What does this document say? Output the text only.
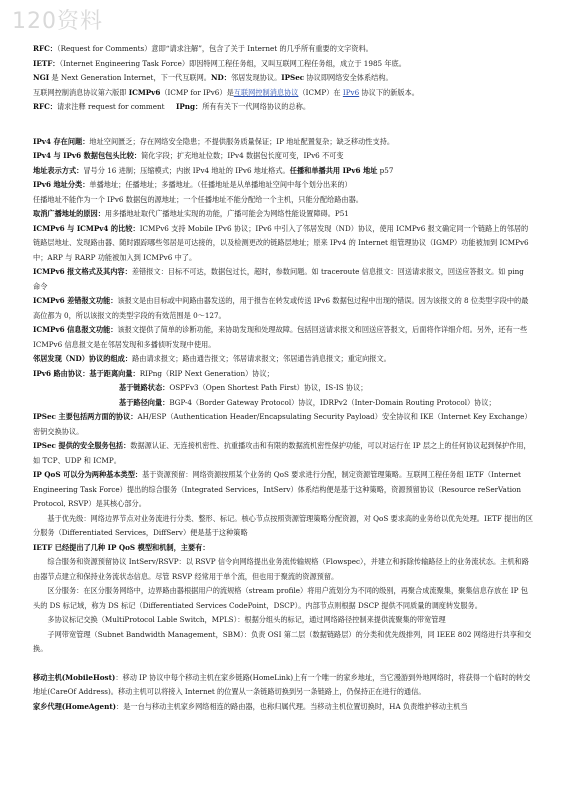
120资料

RFC：（Request for Comments）意即“请求注解”，包含了关于 Internet 的几乎所有重要的文字资料。

IETF：（Internet Engineering Task Force）即因特网工程任务组，又叫互联网工程任务组，成立于 1985 年底。

NGI 是 Next Generation Internet，下一代互联网。ND：邻居发现协议。IPSec 协议即网络安全体系结构。

互联网控制消息协议第六版即 ICMPv6（ICMP for IPv6）是互联网控制消息协议（ICMP）在 IPv6 协议下的新版本。

RFC：请求注释 request for comment IPng：所有有关下一代网络协议的总称。

IPv4 存在问题：地址空间匮乏；存在网络安全隐患；不提供服务质量保证；IP 地址配置复杂；缺乏移动性支持。

IPv4 与 IPv6 数据包包头比较：简化字段；扩充地址位数；IPv4 数据包长度可变，IPv6 不可变

地址表示方式：冒号分 16 进制；压缩模式；内嵌 IPv4 地址的 IPv6 地址格式。任播和单播共用 IPv6 地址 p57

IPv6 地址分类：单播地址；任播地址；多播地址。（任播地址是从单播地址空间中每个划分出来的）

任播地址不能作为一个 IPv6 数据包的源地址；一个任播地址不能分配给一个主机，只能分配给路由器。

取消广播地址的原因：用多播地址取代广播地址实现的功能，广播可能会为网络性能设置障碍。P51

ICMPv6 与 ICMPv4 的比较：ICMPv6 支持 Mobile IPv6 协议；IPv6 中引入了邻居发现（ND）协议，使用 ICMPv6 报文确定同一个链路上的邻居的链路层地址、发现路由器、随时跟踪哪些邻居是可达接的，以及检测更改的链路层地址；原来 IPv4 的 Internet 组管理协议（IGMP）功能被加到 ICMPv6 中；ARP 与 RARP 功能被加入到 ICMPv6 中了。

ICMPv6 报文格式及其内容：差错报文：目标不可达，数据包过长，超时，参数问题。如 traceroute 信息报文：回送请求报文，回送应答报文。如 ping 命令

ICMPv6 差错报文功能：该报文是由目标或中间路由器发送的，用于报告在转发或传送 IPv6 数据包过程中出现的错误。因为该报文的 8 位类型字段中的最高位都为 0，所以该报文的类型字段的有效范围是 0～127。

ICMPv6 信息报文功能：该报文提供了简单的诊断功能，来协助发现和处理故障。包括回送请求报文和回送应答报文，后面将作详细介绍。另外，还有一些 ICMPv6 信息报文是在邻居发现和多播侦听发现中使用。

邻居发现（ND）协议的组成：路由请求报文；路由通告报文；邻居请求报文；邻居通告消息报文；重定向报文。

IPv6 路由协议：基于距离向量：RIPng（RIP Next Generation）协议；

基于链路状态：OSPFv3（Open Shortest Path First）协议，IS-IS 协议；

基于路径向量：BGP-4（Border Gateway Protocol）协议，IDRPv2（Inter-Domain Routing Protocol）协议；

IPSec 主要包括两方面的协议：AH/ESP（Authentication Header/Encapsulating Security Payload）安全协议和 IKE（Internet Key Exchange）密钥交换协议。

IPSec 提供的安全服务包括：数据源认证、无连接机密性、抗重播攻击和有限的数据流机密性保护功能，可以对运行在 IP 层之上的任何协议起到保护作用，如 TCP、UDP 和 ICMP。

IP QoS 可以分为两种基本类型：基于资源预留：网络资源按照某个业务的 QoS 要求进行分配，制定资源管理策略。互联网工程任务组 IETF（Internet Engineering Task Force）提出的综合服务（Integrated Services，IntServ）体系结构便是基于这种策略，资源预留协议（Resource reSerVation Protocol, RSVP）是其核心部分。

基于优先级：网络边界节点对业务流进行分类、整形、标记。核心节点按照资源管理策略分配资源，对 QoS 要求高的业务给以优先处理。IETF 提出的区分服务（Differentiated Services，DiffServ）便是基于这种策略

IETF 已经提出了几种 IP QoS 模型和机制，主要有：

综合服务和资源预留协议 IntServ/RSVP：以 RSVP 信令向网络提出业务流传输规格（Flowspec），并建立和拆除传输路径上的业务流状态。主机和路由器节点建立和保持业务流状态信息。尽管 RSVP 经常用于单个流，但也用于聚流的资源预留。

区分服务：在区分服务网络中，边界路由器根据用户的流规格（stream profile）将用户流划分为不同的级别，再聚合成流聚集，聚集信息存放在 IP 包头的 DS 标记域，称为 DS 标记（Differentiated Services CodePoint，DSCP）。内部节点则根据 DSCP 提供不同质量的调度转发服务。

多协议标记交换（MultiProtocol Lable Switch，MPLS）：根据分组头的标记，通过网络路径控制来提供流聚集的带宽管理

子网带宽管理（Subnet Bandwidth Management，SBM）：负责 OSI 第二层（数据链路层）的分类和优先级排列，同 IEEE 802 网络进行共享和交换。

移动主机(MobileHost)：移动 IP 协议中每个移动主机在家乡链路(HomeLink)上有一个唯一的家乡地址，当它漫游到外地网络时，将获得一个临时的转交地址(CareOf Address)。移动主机可以将接入 Internet 的位置从一条链路切换到另一条链路上，仍保持正在进行的通信。

家乡代理(HomeAgent)：是一台与移动主机家乡网络相连的路由器，也称归属代理。当移动主机位置切换时，HA 负责维护移动主机当
